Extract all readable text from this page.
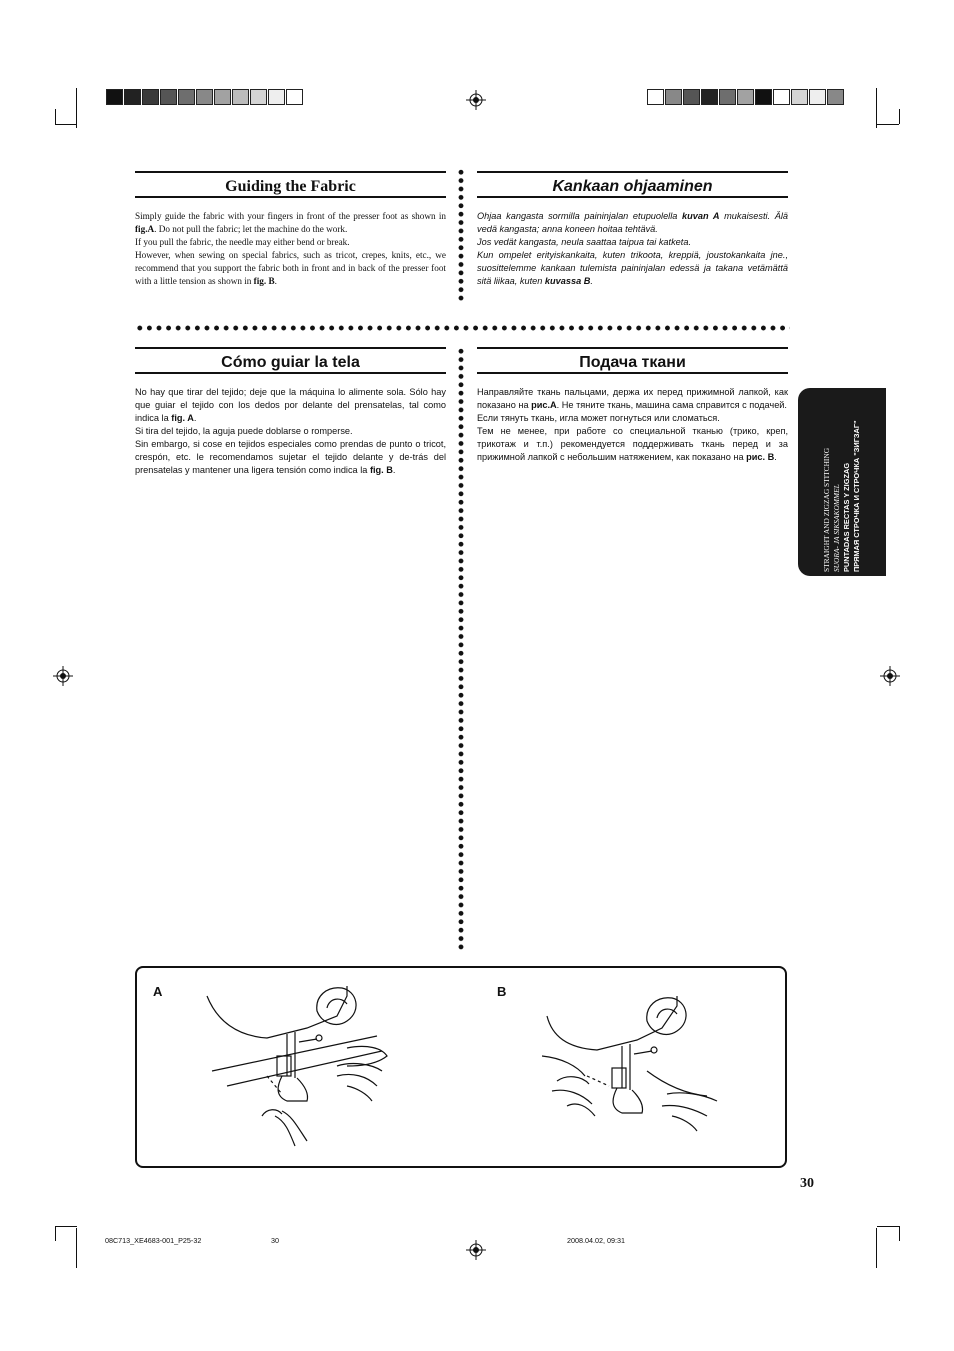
Guiding the Fabric

Simply guide the fabric with your fingers in front of the presser foot as shown in fig.A. Do not pull the fabric; let the machine do the work.

If you pull the fabric, the needle may either bend or break.

However, when sewing on special fabrics, such as tricot, crepes, knits, etc., we recommend that you support the fabric both in front and in back of the presser foot with a little tension as shown in fig. B.

Kankaan ohjaaminen

Ohjaa kangasta sormilla paininjalan etupuolella kuvan A mukaisesti. Älä vedä kangasta; anna koneen hoitaa tehtävä.

Jos vedät kangasta, neula saattaa taipua tai katketa.

Kun ompelet erityiskankaita, kuten trikoota, kreppiä, joustokankaita jne., suosittelemme kankaan tulemista paininjalan edessä ja takana vetämättä sitä liikaa, kuten kuvassa B.

Cómo guiar la tela

No hay que tirar del tejido; deje que la máquina lo alimente sola. Sólo hay que guiar el tejido con los dedos por delante del prensatelas, tal como indica la fig. A.

Si tira del tejido, la aguja puede doblarse o romperse.

Sin embargo, si cose en tejidos especiales como prendas de punto o tricot, crespón, etc. le recomendamos sujetar el tejido delante y de-trás del prensatelas y mantener una ligera tensión como indica la fig. B.

Подача ткани

Направляйте ткань пальцами, держа их перед прижимной лапкой, как показано на рис.А. Не тяните ткань, машина сама справится с подачей.

Если тянуть ткань, игла может погнуться или сломаться.

Тем не менее, при работе со специальной тканью (трико, креп, трикотаж и т.п.) рекомендуется поддерживать ткань перед и за прижимной лапкой с небольшим натяжением, как показано на рис. В.	STRAIGHT AND ZIGZAG STITCHING SUORA- JA SIKSAKOMMEL PUNTADAS RECTAS Y ZIGZAG ПРЯМАЯ СТРОЧКА И СТРОЧКА "ЗИГЗАГ"
A	B
30
08C713_XE4683-001_P25-32	30	2008.04.02, 09:31
